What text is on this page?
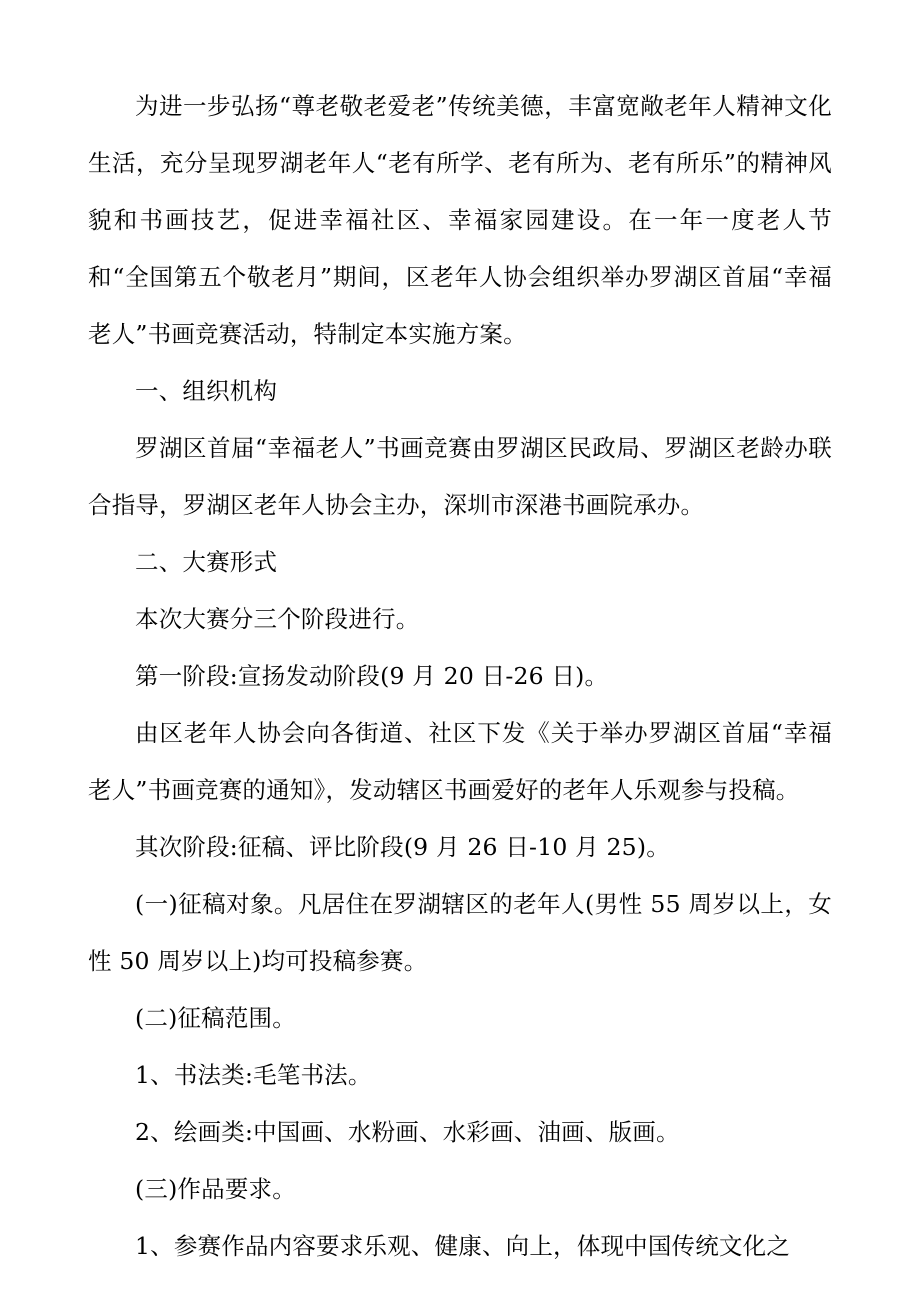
为进一步弘扬“尊老敬老爱老”传统美德，丰富宽敞老年人精神文化生活，充分呈现罗湖老年人“老有所学、老有所为、老有所乐”的精神风貌和书画技艺，促进幸福社区、幸福家园建设。在一年一度老人节和“全国第五个敬老月”期间，区老年人协会组织举办罗湖区首届“幸福老人”书画竞赛活动，特制定本实施方案。

一、组织机构

罗湖区首届“幸福老人”书画竞赛由罗湖区民政局、罗湖区老龄办联合指导，罗湖区老年人协会主办，深圳市深港书画院承办。

二、大赛形式

本次大赛分三个阶段进行。

第一阶段:宣扬发动阶段(9 月 20 日-26 日)。

由区老年人协会向各街道、社区下发《关于举办罗湖区首届“幸福老人”书画竞赛的通知》，发动辖区书画爱好的老年人乐观参与投稿。

其次阶段:征稿、评比阶段(9 月 26 日-10 月 25)。

(一)征稿对象。凡居住在罗湖辖区的老年人(男性 55 周岁以上，女性 50 周岁以上)均可投稿参赛。

(二)征稿范围。

1、书法类:毛笔书法。

2、绘画类:中国画、水粉画、水彩画、油画、版画。

(三)作品要求。

1、参赛作品内容要求乐观、健康、向上，体现中国传统文化之
